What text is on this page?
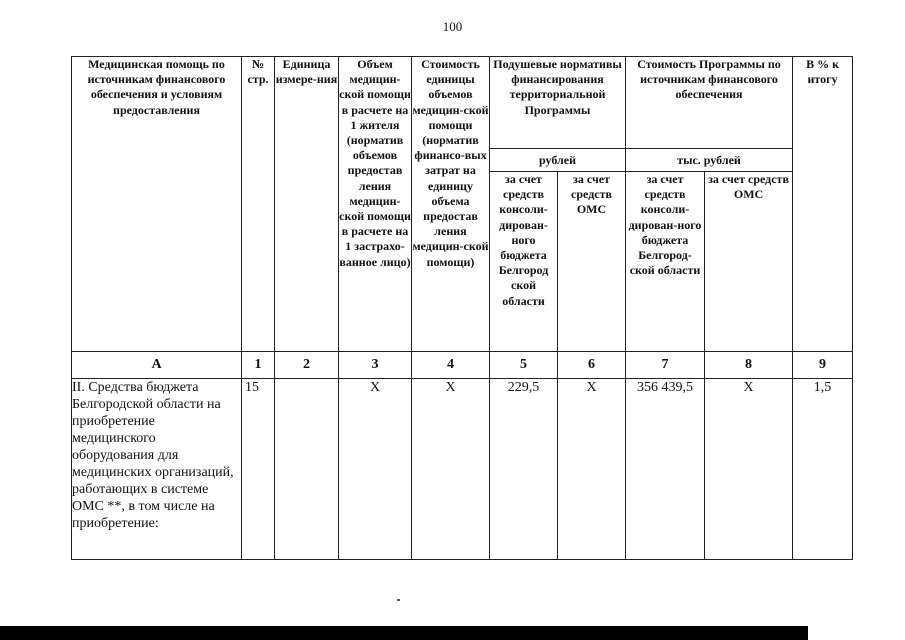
100
Медицинская помощь по источникам финансового обеспечения и условиям предоставления	№ стр.	Единица измере-ния	Объем медицин-ской помощи в расчете на 1 жителя (норматив объемов предостав ления медицин-ской помощи в расчете на 1 застрахо-ванное лицо)	Стоимость единицы объемов медицин-ской помощи (норматив финансо-вых затрат на единицу объема предостав ления медицин-ской помощи)	Подушевые нормативы финансирования территориальной Программы		Стоимость Программы по источникам финансового обеспечения		В % к итогу
					рублей		тыс. рублей		
					за счет средств консоли-дирован-ного бюджета Белгород ской области	за счет средств ОМС	за счет средств консоли-дирован-ного бюджета Белгород-ской области	за счет средств ОМС	
А	1	2	3	4	5	6	7	8	9
II. Средства бюджета Белгородской области на приобретение медицинского оборудования для медицинских организаций, работающих в системе ОМС **, в том числе на приобретение:	15		X	X	229,5	X	356 439,5	X	1,5
